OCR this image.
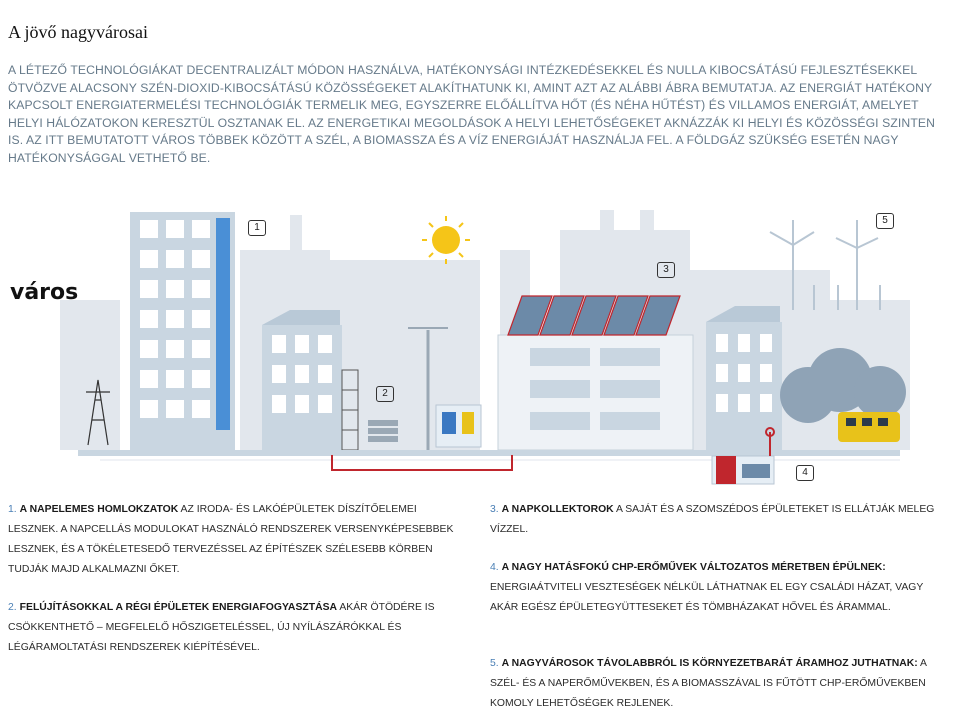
A jövő nagyvárosai
A LÉTEZŐ TECHNOLÓGIÁKAT DECENTRALIZÁLT MÓDON HASZNÁLVA, HATÉKONYSÁGI INTÉZKEDÉSEKKEL ÉS NULLA KIBOCSÁTÁSÚ FEJLESZTÉSEKKEL ÖTVÖZVE ALACSONY SZÉN-DIOXID-KIBOCSÁTÁSÚ KÖZÖSSÉGEKET ALAKÍTHATUNK KI, AMINT AZT AZ ALÁBBI ÁBRA BEMUTATJA. AZ ENERGIÁT HATÉKONY KAPCSOLT ENERGIATERMELÉSI TECHNOLÓGIÁK TERMELIK MEG, EGYSZERRE ELŐÁLLÍTVA HŐT (ÉS NÉHA HŰTÉST) ÉS VILLAMOS ENERGIÁT, AMELYET HELYI HÁLÓZATOKON KERESZTÜL OSZTANAK EL. AZ ENERGETIKAI MEGOLDÁSOK A HELYI LEHETŐSÉGEKET AKNÁZZÁK KI HELYI ÉS KÖZÖSSÉGI SZINTEN IS. AZ ITT BEMUTATOTT VÁROS TÖBBEK KÖZÖTT A SZÉL, A BIOMASSZA ÉS A VÍZ ENERGIÁJÁT HASZNÁLJA FEL. A FÖLDGÁZ SZÜKSÉG ESETÉN NAGY HATÉKONYSÁGGAL VETHETŐ BE.
város
1
2
3
4
5
1. A NAPELEMES HOMLOKZATOK AZ IRODA- ÉS LAKÓÉPÜLETEK DÍSZÍTŐELEMEI LESZNEK. A NAPCELLÁS MODULOKAT HASZNÁLÓ RENDSZEREK VERSENYKÉPESEBBEK LESZNEK, ÉS A TÖKÉLETESEDŐ TERVEZÉSSEL AZ ÉPÍTÉSZEK SZÉLESEBB KÖRBEN TUDJÁK MAJD ALKALMAZNI ŐKET.
2. FELÚJÍTÁSOKKAL A RÉGI ÉPÜLETEK ENERGIAFOGYASZTÁSA AKÁR ÖTÖDÉRE IS CSÖKKENTHETŐ – MEGFELELŐ HŐSZIGETELÉSSEL, ÚJ NYÍLÁSZÁRÓKKAL ÉS LÉGÁRAMOLTATÁSI RENDSZEREK KIÉPÍTÉSÉVEL.
3. A NAPKOLLEKTOROK A SAJÁT ÉS A SZOMSZÉDOS ÉPÜLETEKET IS ELLÁTJÁK MELEG VÍZZEL.
4. A NAGY HATÁSFOKÚ CHP-ERŐMŰVEK VÁLTOZATOS MÉRETBEN ÉPÜLNEK: ENERGIAÁTVITELI VESZTESÉGEK NÉLKÜL LÁTHATNAK EL EGY CSALÁDI HÁZAT, VAGY AKÁR EGÉSZ ÉPÜLETEGYÜTTESEKET ÉS TÖMBHÁZAKAT HŐVEL ÉS ÁRAMMAL.
5. A NAGYVÁROSOK TÁVOLABBRÓL IS KÖRNYEZETBARÁT ÁRAMHOZ JUTHATNAK: A SZÉL- ÉS A NAPERŐMŰVEKBEN, ÉS A BIOMASSZÁVAL IS FŰTÖTT CHP-ERŐMŰVEKBEN KOMOLY LEHETŐSÉGEK REJLENEK.
